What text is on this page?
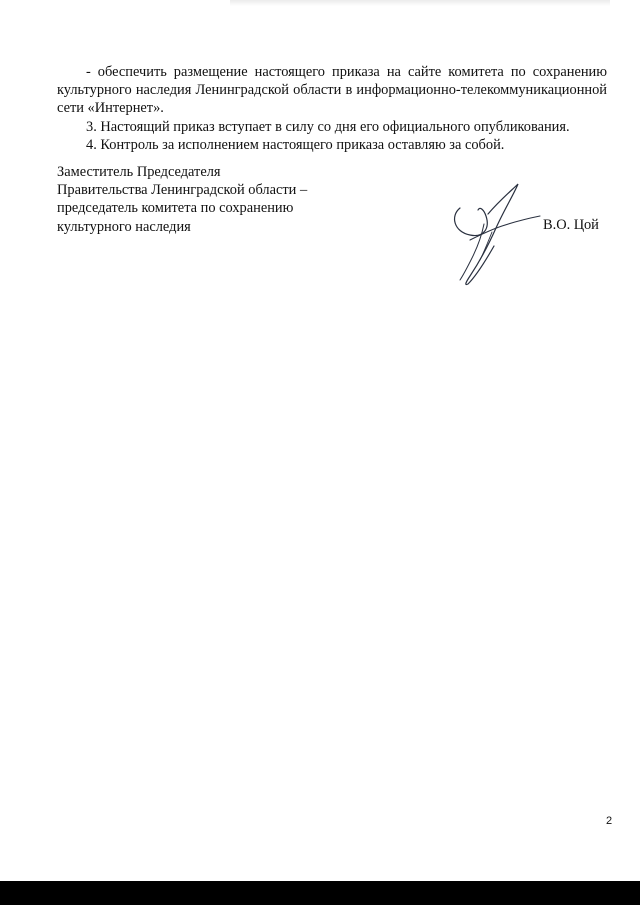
- обеспечить размещение настоящего приказа на сайте комитета по сохранению культурного наследия Ленинградской области в информационно-телекоммуникационной сети «Интернет».

3. Настоящий приказ вступает в силу со дня его официального опубликования.

4. Контроль за исполнением настоящего приказа оставляю за собой.

Заместитель Председателя
Правительства Ленинградской области –
председатель комитета по сохранению
культурного наследия	В.О. Цой
2
